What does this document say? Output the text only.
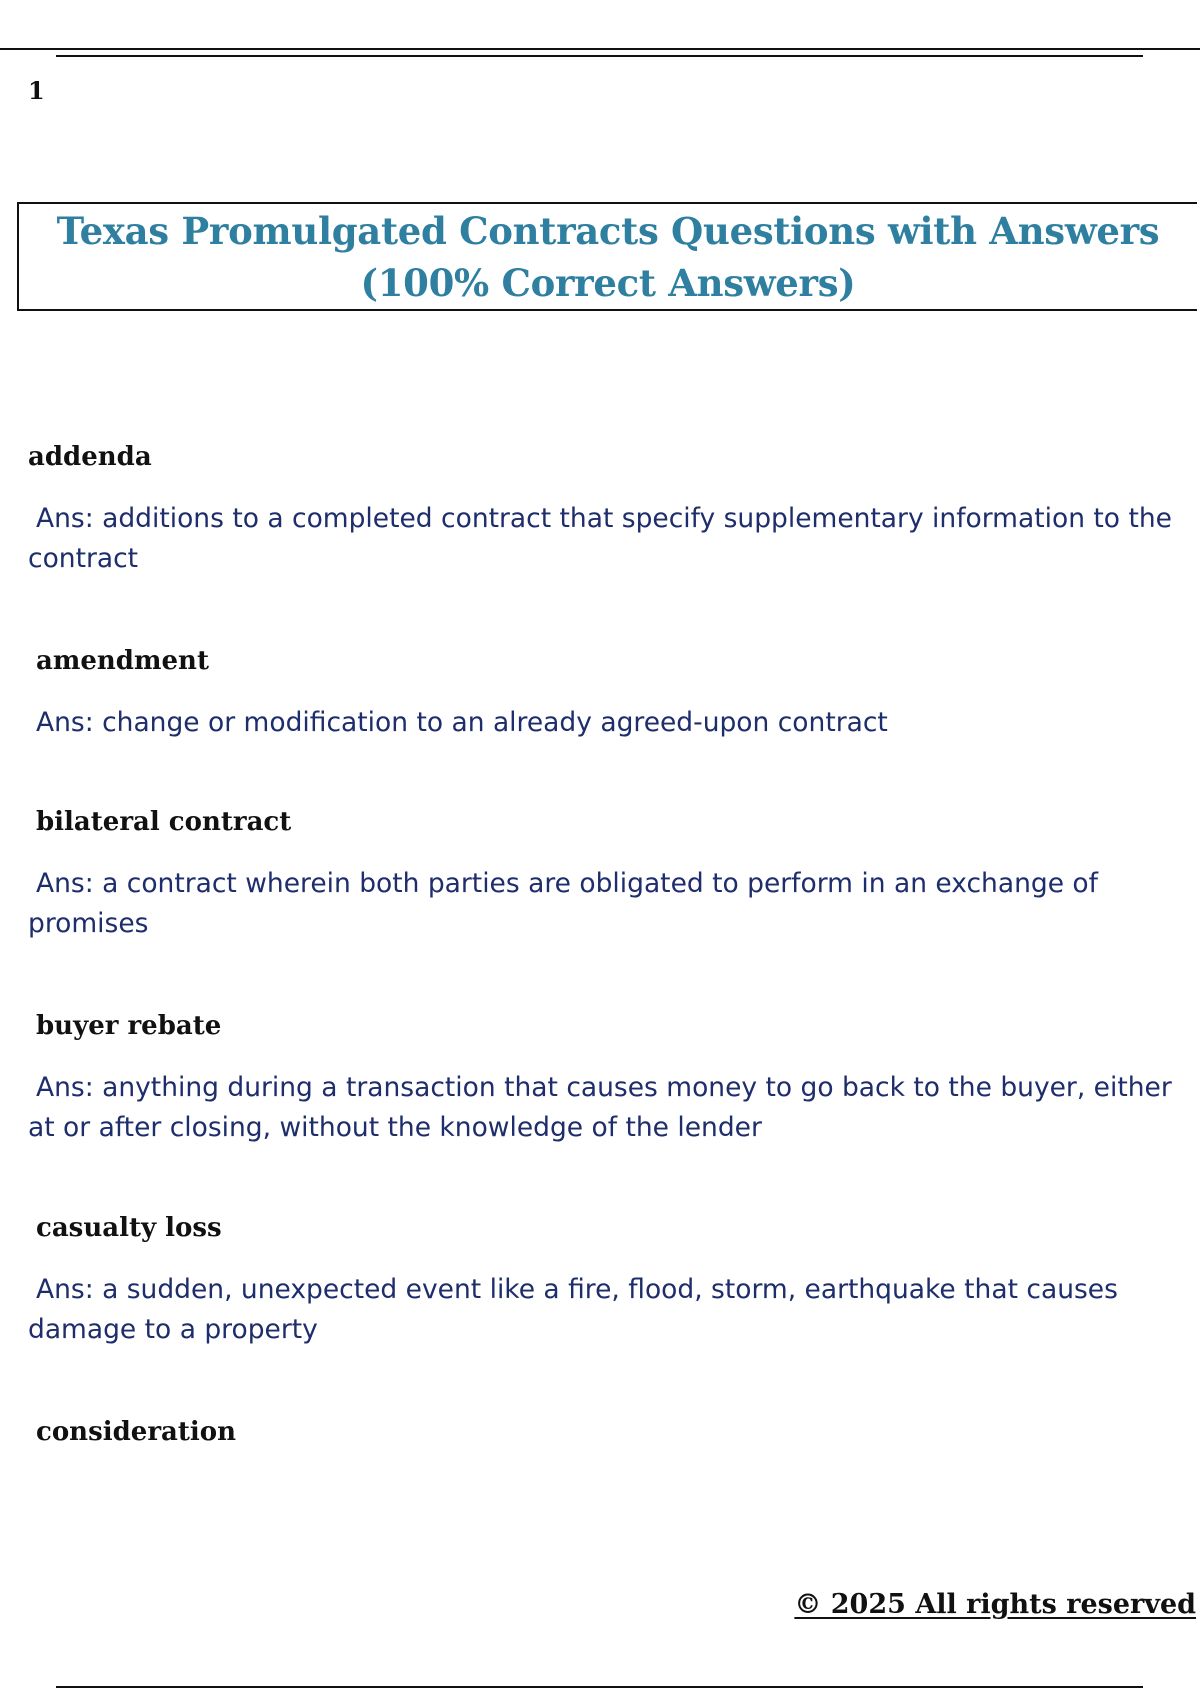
1
Texas Promulgated Contracts Questions with Answers
(100% Correct Answers)
addenda
Ans: additions to a completed contract that specify supplementary information to the contract
amendment
Ans: change or modification to an already agreed-upon contract
bilateral contract
Ans: a contract wherein both parties are obligated to perform in an exchange of promises
buyer rebate
Ans: anything during a transaction that causes money to go back to the buyer, either at or after closing, without the knowledge of the lender
casualty loss
Ans: a sudden, unexpected event like a fire, flood, storm, earthquake that causes damage to a property
consideration
© 2025 All rights reserved
